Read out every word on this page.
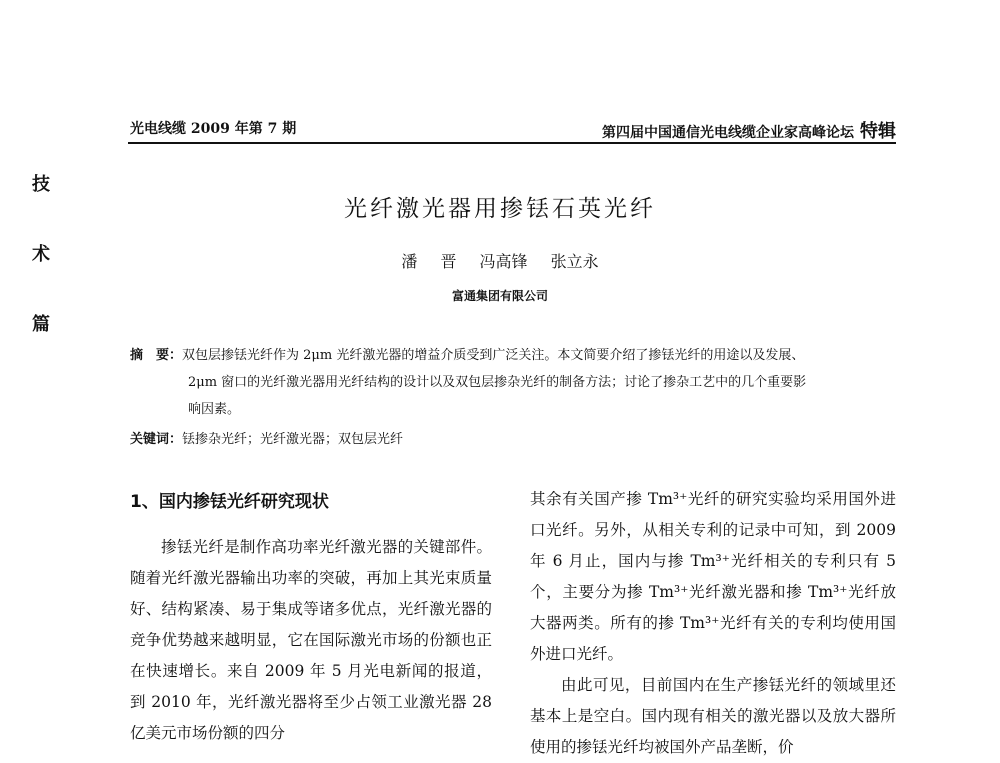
光电线缆 2009 年第 7 期	第四届中国通信光电线缆企业家高峰论坛 特辑
技
术
篇
光纤激光器用掺铥石英光纤
潘 晋 冯高锋 张立永
富通集团有限公司
摘　要：双包层掺铥光纤作为 2μm 光纤激光器的增益介质受到广泛关注。本文简要介绍了掺铥光纤的用途以及发展、
2μm 窗口的光纤激光器用光纤结构的设计以及双包层掺杂光纤的制备方法；讨论了掺杂工艺中的几个重要影
响因素。
关键词：铥掺杂光纤；光纤激光器；双包层光纤
1、国内掺铥光纤研究现状

掺铥光纤是制作高功率光纤激光器的关键部件。随着光纤激光器输出功率的突破，再加上其光束质量好、结构紧凑、易于集成等诸多优点，光纤激光器的竞争优势越来越明显，它在国际激光市场的份额也正在快速增长。来自 2009 年 5 月光电新闻的报道，到 2010 年，光纤激光器将至少占领工业激光器 28 亿美元市场份额的四分

其余有关国产掺 Tm³⁺光纤的研究实验均采用国外进口光纤。另外，从相关专利的记录中可知，到 2009 年 6 月止，国内与掺 Tm³⁺光纤相关的专利只有 5 个，主要分为掺 Tm³⁺光纤激光器和掺 Tm³⁺光纤放大器两类。所有的掺 Tm³⁺光纤有关的专利均使用国外进口光纤。

由此可见，目前国内在生产掺铥光纤的领域里还基本上是空白。国内现有相关的激光器以及放大器所使用的掺铥光纤均被国外产品垄断，价
